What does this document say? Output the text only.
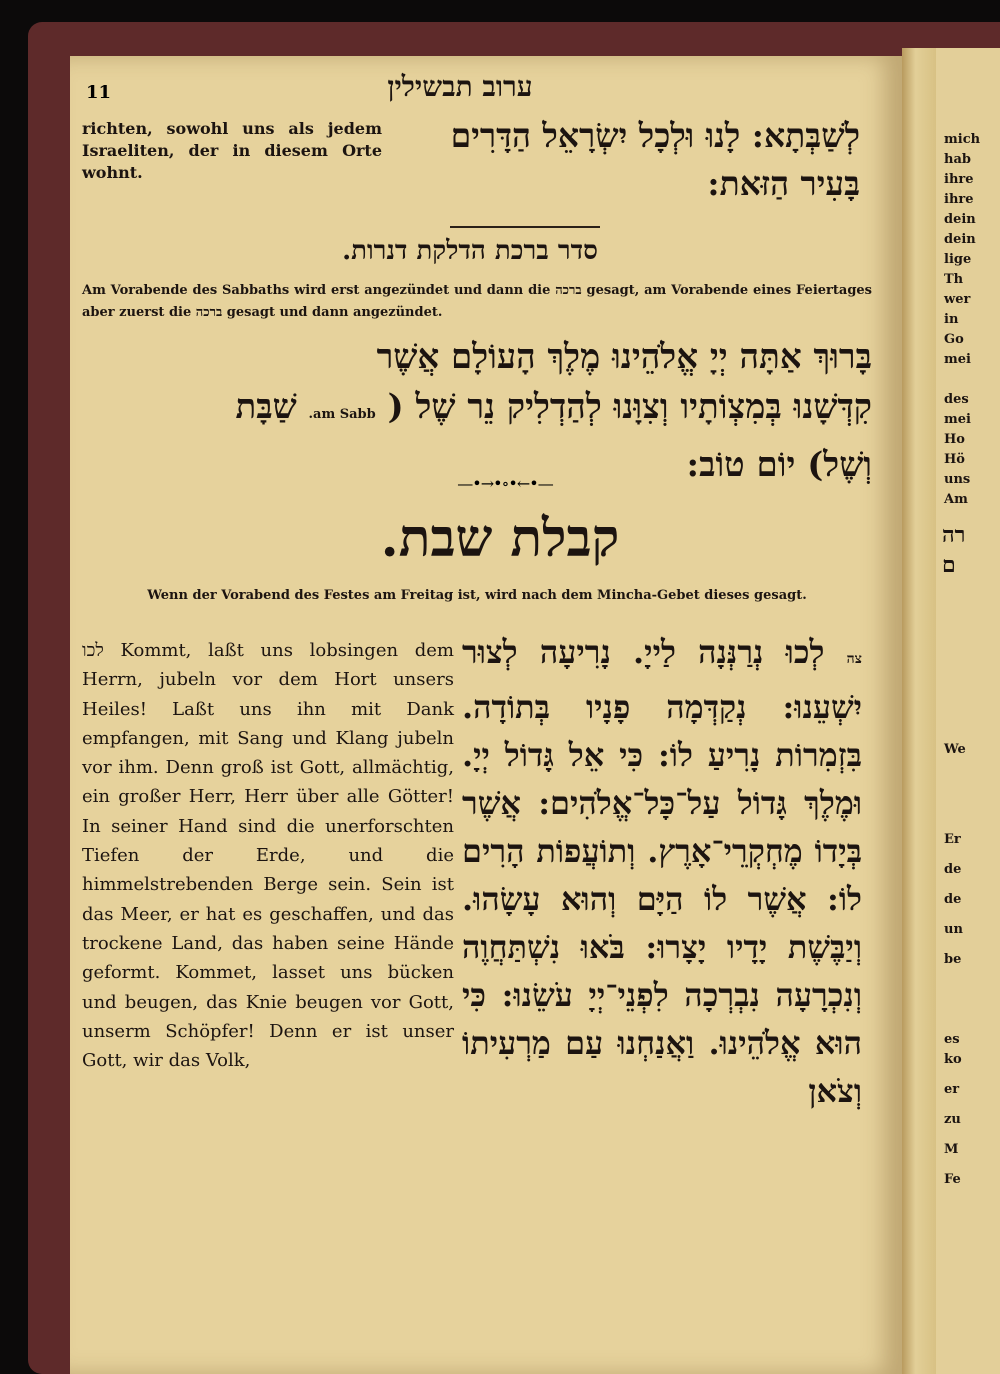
mich
hab
ihre
ihre
dein
dein
lige
Th
wer
in
Go
mei
des
mei
Ho
Hö
uns
Am
רה
ם
We
Er
de
de
un
be
es
ko
er
zu
M
Fe
11	ערוב תבשילין
richten, sowohl uns als jedem Israeliten, der in diesem Orte wohnt.
לְשַׁבְּתָא: לָנוּ וּלְכָל יִשְׂרָאֵל הַדָּרִים בָּעִיר הַזּאת:
סדר ברכת הדלקת דנרות.
Am Vorabende des Sabbaths wird erst angezündet und dann die ברכה gesagt, am Vorabende eines Feiertages aber zuerst die ברכה gesagt und dann angezündet.
בָּרוּךְ אַתָּה יְיָ אֱלֹהֵינוּ מֶלֶךְ הָעוֹלָם אֲשֶׁר
קִדְּשָׁנוּ בְּמִצְוֹתָיו וְצִוָּנוּ לְהַדְלִיק נֵר שֶׁל ( am Sabb. שַׁבָּת
וְשֶׁל) יוֹם טוֹב:
—•→•∘•←•—
קבלת שבת.
Wenn der Vorabend des Festes am Freitag ist, wird nach dem Mincha-Gebet dieses gesagt.
לכו Kommt, laßt uns lobsingen dem Herrn, jubeln vor dem Hort unsers Heiles! Laßt uns ihn mit Dank empfangen, mit Sang und Klang jubeln vor ihm. Denn groß ist Gott, allmächtig, ein großer Herr, Herr über alle Götter! In seiner Hand sind die unerforschten Tiefen der Erde, und die himmelstrebenden Berge sein. Sein ist das Meer, er hat es geschaffen, und das trockene Land, das haben seine Hände geformt. Kommet, lasset uns bücken und beugen, das Knie beugen vor Gott, unserm Schöpfer! Denn er ist unser Gott, wir das Volk,
צה לְכוּ נְרַנְּנָה לַייָ. נָרִיעָה לְצוּר יִשְׁעֵנוּ: נְקַדְּמָה פָנָיו בְּתוֹדָה. בִּזְמִרוֹת נָרִיעַ לוֹ: כִּי אֵל גָּדוֹל יְיָ. וּמֶלֶךְ גָּדוֹל עַל־כָּל־אֱלֹהִים: אֲשֶׁר בְּיָדוֹ מֶחְקְרֵי־אָרֶץ. וְתוֹעֲפוֹת הָרִים לוֹ: אֲשֶׁר לוֹ הַיָּם וְהוּא עָשָׂהוּ. וְיַבֶּשֶׁת יָדָיו יָצָרוּ: בֹּאוּ נִשְׁתַּחֲוֶה וְנִכְרָעָה נִבְרְכָה לִפְנֵי־יְיָ עֹשֵׂנוּ: כִּי הוּא אֱלֹהֵינוּ. וַאֲנַחְנוּ עַם מַרְעִיתוֹ וְצֹאן
